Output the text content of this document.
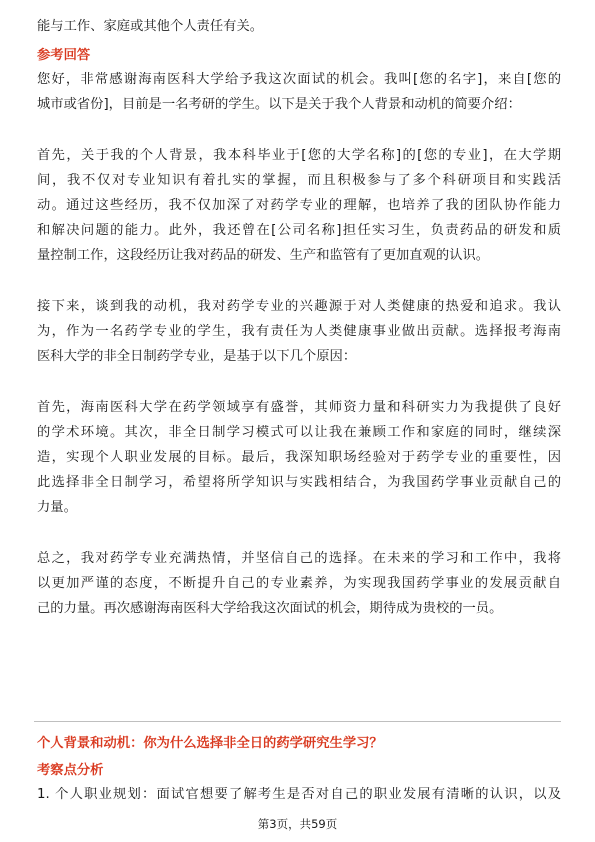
能与工作、家庭或其他个人责任有关。
参考回答
您好，非常感谢海南医科大学给予我这次面试的机会。我叫[您的名字]，来自[您的
城市或省份]，目前是一名考研的学生。以下是关于我个人背景和动机的简要介绍：
首先，关于我的个人背景，我本科毕业于[您的大学名称]的[您的专业]，在大学期
间，我不仅对专业知识有着扎实的掌握，而且积极参与了多个科研项目和实践活
动。通过这些经历，我不仅加深了对药学专业的理解，也培养了我的团队协作能力
和解决问题的能力。此外，我还曾在[公司名称]担任实习生，负责药品的研发和质
量控制工作，这段经历让我对药品的研发、生产和监管有了更加直观的认识。
接下来，谈到我的动机，我对药学专业的兴趣源于对人类健康的热爱和追求。我认
为，作为一名药学专业的学生，我有责任为人类健康事业做出贡献。选择报考海南
医科大学的非全日制药学专业，是基于以下几个原因：
首先，海南医科大学在药学领域享有盛誉，其师资力量和科研实力为我提供了良好
的学术环境。其次，非全日制学习模式可以让我在兼顾工作和家庭的同时，继续深
造，实现个人职业发展的目标。最后，我深知职场经验对于药学专业的重要性，因
此选择非全日制学习，希望将所学知识与实践相结合，为我国药学事业贡献自己的
力量。
总之，我对药学专业充满热情，并坚信自己的选择。在未来的学习和工作中，我将
以更加严谨的态度，不断提升自己的专业素养，为实现我国药学事业的发展贡献自
己的力量。再次感谢海南医科大学给我这次面试的机会，期待成为贵校的一员。
个人背景和动机：你为什么选择非全日的药学研究生学习？
考察点分析
1. 个人职业规划：面试官想要了解考生是否对自己的职业发展有清晰的认识，以及
第3页，共59页
